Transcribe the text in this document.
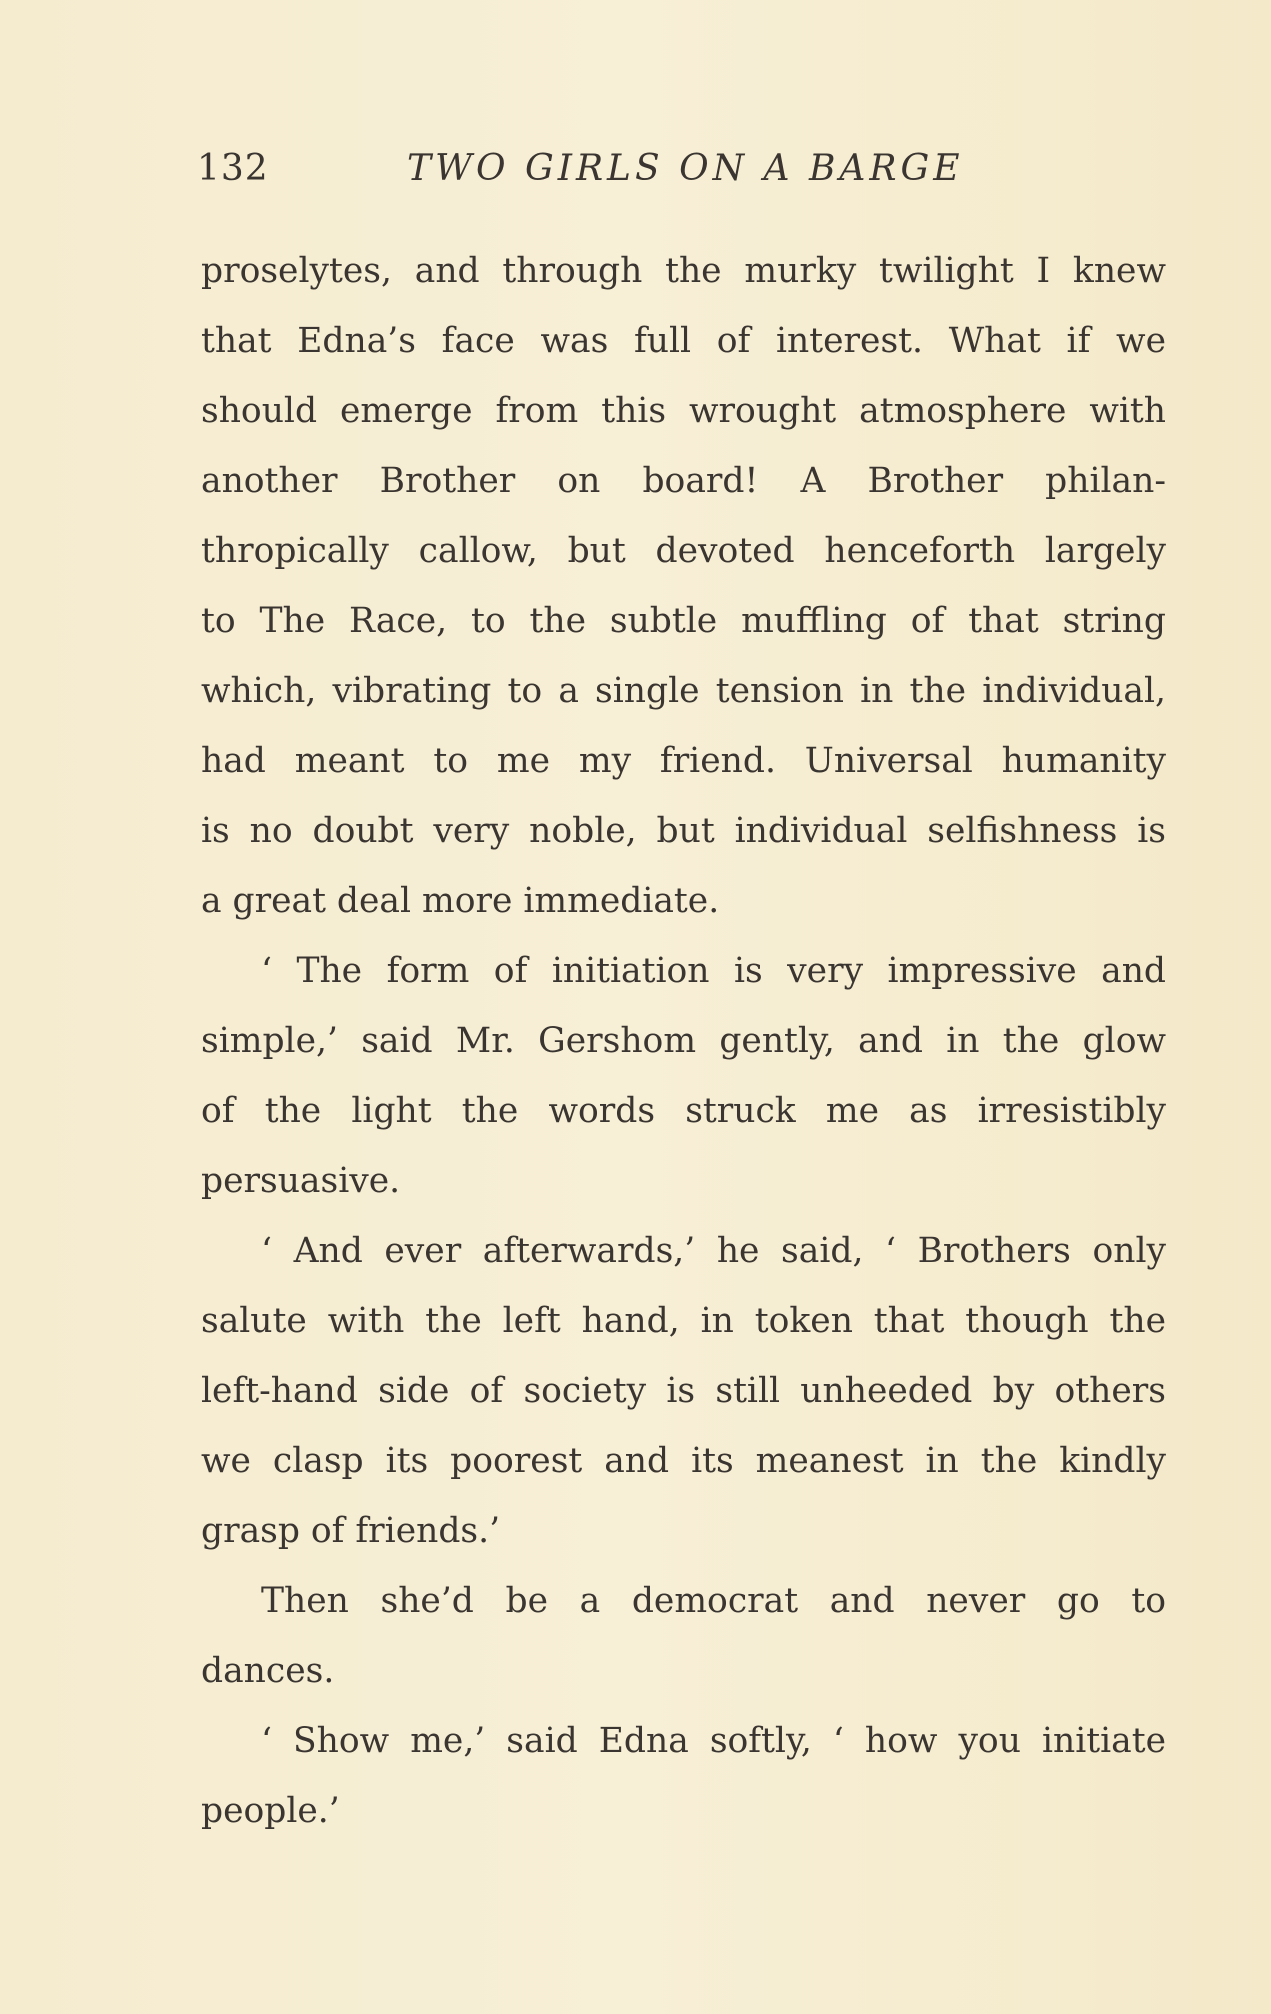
132	TWO GIRLS ON A BARGE
proselytes, and through the murky twilight I knew
that Edna’s face was full of interest. What if we
should emerge from this wrought atmosphere with
another Brother on board! A Brother philan-
thropically callow, but devoted henceforth largely
to The Race, to the subtle muffling of that string
which, vibrating to a single tension in the individual,
had meant to me my friend. Universal humanity
is no doubt very noble, but individual selfishness is
a great deal more immediate.
‘ The form of initiation is very impressive and
simple,’ said Mr. Gershom gently, and in the glow
of the light the words struck me as irresistibly
persuasive.
‘ And ever afterwards,’ he said, ‘ Brothers only
salute with the left hand, in token that though the
left-hand side of society is still unheeded by others
we clasp its poorest and its meanest in the kindly
grasp of friends.’
Then she’d be a democrat and never go to
dances.
‘ Show me,’ said Edna softly, ‘ how you initiate
people.’
